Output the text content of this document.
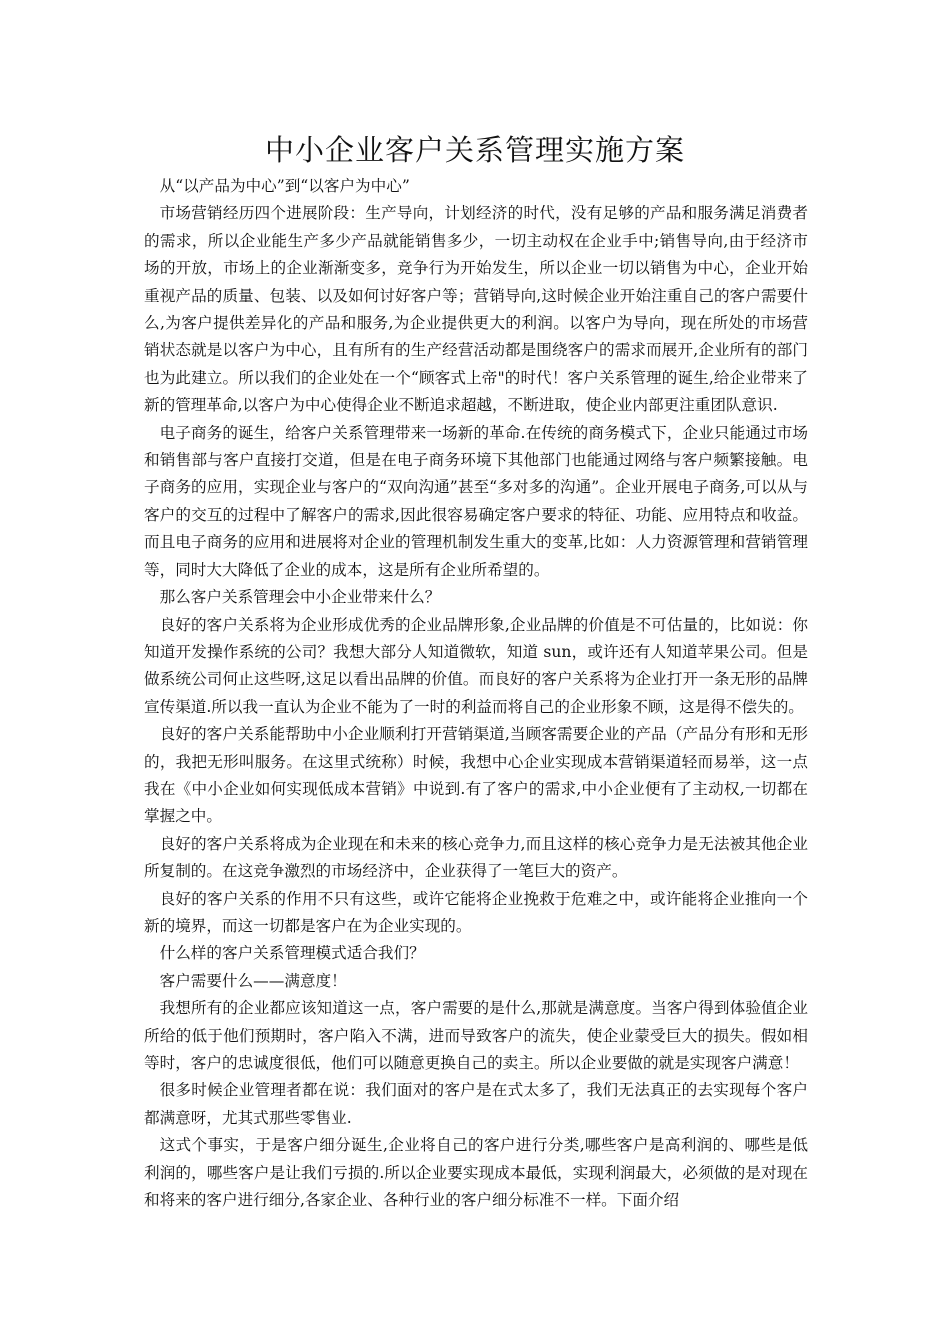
中小企业客户关系管理实施方案

从“以产品为中心”到“以客户为中心”

市场营销经历四个进展阶段：生产导向，计划经济的时代，没有足够的产品和服务满足消费者的需求，所以企业能生产多少产品就能销售多少，一切主动权在企业手中;销售导向,由于经济市场的开放，市场上的企业渐渐变多，竞争行为开始发生，所以企业一切以销售为中心，企业开始重视产品的质量、包装、以及如何讨好客户等；营销导向,这时候企业开始注重自己的客户需要什么,为客户提供差异化的产品和服务,为企业提供更大的利润。以客户为导向，现在所处的市场营销状态就是以客户为中心，且有所有的生产经营活动都是围绕客户的需求而展开,企业所有的部门也为此建立。所以我们的企业处在一个“顾客式上帝"的时代！客户关系管理的诞生,给企业带来了新的管理革命,以客户为中心使得企业不断追求超越，不断进取，使企业内部更注重团队意识.

电子商务的诞生，给客户关系管理带来一场新的革命.在传统的商务模式下，企业只能通过市场和销售部与客户直接打交道，但是在电子商务环境下其他部门也能通过网络与客户频繁接触。电子商务的应用，实现企业与客户的“双向沟通”甚至“多对多的沟通”。企业开展电子商务,可以从与客户的交互的过程中了解客户的需求,因此很容易确定客户要求的特征、功能、应用特点和收益。而且电子商务的应用和进展将对企业的管理机制发生重大的变革,比如：人力资源管理和营销管理等，同时大大降低了企业的成本，这是所有企业所希望的。

那么客户关系管理会中小企业带来什么？

良好的客户关系将为企业形成优秀的企业品牌形象,企业品牌的价值是不可估量的，比如说：你知道开发操作系统的公司？我想大部分人知道微软，知道 sun，或许还有人知道苹果公司。但是做系统公司何止这些呀,这足以看出品牌的价值。而良好的客户关系将为企业打开一条无形的品牌宣传渠道.所以我一直认为企业不能为了一时的利益而将自己的企业形象不顾，这是得不偿失的。

良好的客户关系能帮助中小企业顺利打开营销渠道,当顾客需要企业的产品（产品分有形和无形的，我把无形叫服务。在这里式统称）时候，我想中心企业实现成本营销渠道轻而易举，这一点我在《中小企业如何实现低成本营销》中说到.有了客户的需求,中小企业便有了主动权,一切都在掌握之中。

良好的客户关系将成为企业现在和未来的核心竞争力,而且这样的核心竞争力是无法被其他企业所复制的。在这竞争激烈的市场经济中，企业获得了一笔巨大的资产。

良好的客户关系的作用不只有这些，或许它能将企业挽救于危难之中，或许能将企业推向一个新的境界，而这一切都是客户在为企业实现的。

什么样的客户关系管理模式适合我们？

客户需要什么——满意度！

我想所有的企业都应该知道这一点，客户需要的是什么,那就是满意度。当客户得到体验值企业所给的低于他们预期时，客户陷入不满，进而导致客户的流失，使企业蒙受巨大的损失。假如相等时，客户的忠诚度很低，他们可以随意更换自己的卖主。所以企业要做的就是实现客户满意！

很多时候企业管理者都在说：我们面对的客户是在式太多了，我们无法真正的去实现每个客户都满意呀，尤其式那些零售业.

这式个事实，于是客户细分诞生,企业将自己的客户进行分类,哪些客户是高利润的、哪些是低利润的，哪些客户是让我们亏损的.所以企业要实现成本最低，实现利润最大，必须做的是对现在和将来的客户进行细分,各家企业、各种行业的客户细分标准不一样。下面介绍
